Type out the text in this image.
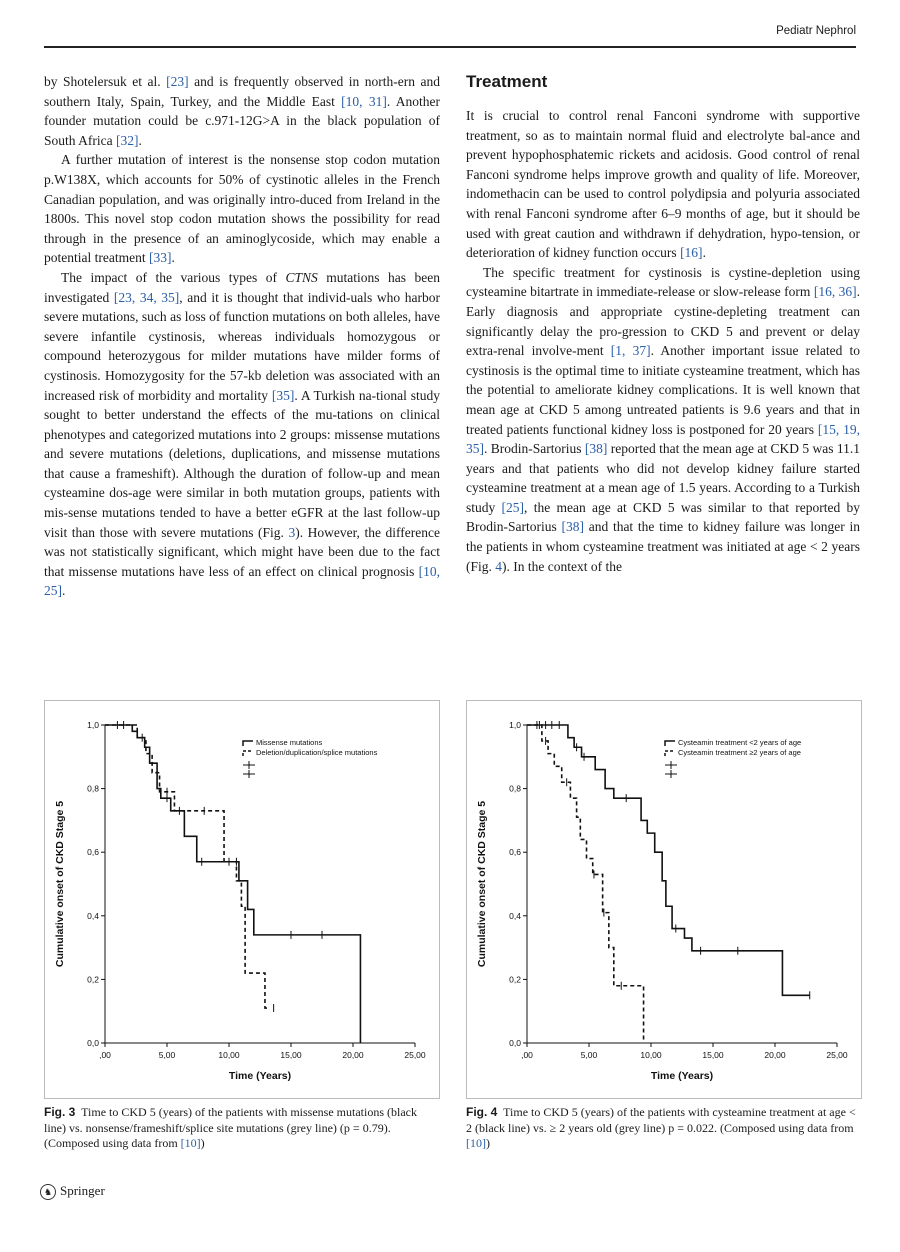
Pediatr Nephrol

by Shotelersuk et al. [23] and is frequently observed in north-ern and southern Italy, Spain, Turkey, and the Middle East [10, 31]. Another founder mutation could be c.971-12G>A in the black population of South Africa [32].

A further mutation of interest is the nonsense stop codon mutation p.W138X, which accounts for 50% of cystinotic alleles in the French Canadian population, and was originally intro-duced from Ireland in the 1800s. This novel stop codon mutation shows the possibility for read through in the presence of an aminoglycoside, which may enable a potential treatment [33].

The impact of the various types of CTNS mutations has been investigated [23, 34, 35], and it is thought that individ-uals who harbor severe mutations, such as loss of function mutations on both alleles, have severe infantile cystinosis, whereas individuals homozygous or compound heterozygous for milder mutations have milder forms of cystinosis. Homozygosity for the 57-kb deletion was associated with an increased risk of morbidity and mortality [35]. A Turkish na-tional study sought to better understand the effects of the mu-tations on clinical phenotypes and categorized mutations into 2 groups: missense mutations and severe mutations (deletions, duplications, and missense mutations that cause a frameshift). Although the duration of follow-up and mean cysteamine dos-age were similar in both mutation groups, patients with mis-sense mutations tended to have a better eGFR at the last follow-up visit than those with severe mutations (Fig. 3). However, the difference was not statistically significant, which might have been due to the fact that missense mutations have less of an effect on clinical prognosis [10, 25].

Treatment

It is crucial to control renal Fanconi syndrome with supportive treatment, so as to maintain normal fluid and electrolyte bal-ance and prevent hypophosphatemic rickets and acidosis. Good control of renal Fanconi syndrome helps improve growth and quality of life. Moreover, indomethacin can be used to control polydipsia and polyuria associated with renal Fanconi syndrome after 6–9 months of age, but it should be used with great caution and withdrawn if dehydration, hypo-tension, or deterioration of kidney function occurs [16].

The specific treatment for cystinosis is cystine-depletion using cysteamine bitartrate in immediate-release or slow-release form [16, 36]. Early diagnosis and appropriate cystine-depleting treatment can significantly delay the pro-gression to CKD 5 and prevent or delay extra-renal involve-ment [1, 37]. Another important issue related to cystinosis is the optimal time to initiate cysteamine treatment, which has the potential to ameliorate kidney complications. It is well known that mean age at CKD 5 among untreated patients is 9.6 years and that in treated patients functional kidney loss is postponed for 20 years [15, 19, 35]. Brodin-Sartorius [38] reported that the mean age at CKD 5 was 11.1 years and that patients who did not develop kidney failure started cysteamine treatment at a mean age of 1.5 years. According to a Turkish study [25], the mean age at CKD 5 was similar to that reported by Brodin-Sartorius [38] and that the time to kidney failure was longer in the patients in whom cysteamine treatment was initiated at age < 2 years (Fig. 4). In the context of the

0,0
0,2
0,4
0,6
0,8
1,0
,00	5,00	10,00	15,00	20,00	25,00
Time (Years)
Cumulative onset of CKD Stage 5
Missense mutations
Deletion/duplication/splice mutations
0,0
0,2
0,4
0,6
0,8
1,0
,00	5,00	10,00	15,00	20,00	25,00
Time (Years)
Cumulative onset of CKD Stage 5
Cysteamin treatment <2 years of age
Cysteamin treatment ≥2 years of age
Fig. 3 Time to CKD 5 (years) of the patients with missense mutations (black line) vs. nonsense/frameshift/splice site mutations (grey line) (p = 0.79). (Composed using data from [10])
Fig. 4 Time to CKD 5 (years) of the patients with cysteamine treatment at age < 2 (black line) vs. ≥ 2 years old (grey line) p = 0.022. (Composed using data from [10])
♞ Springer
